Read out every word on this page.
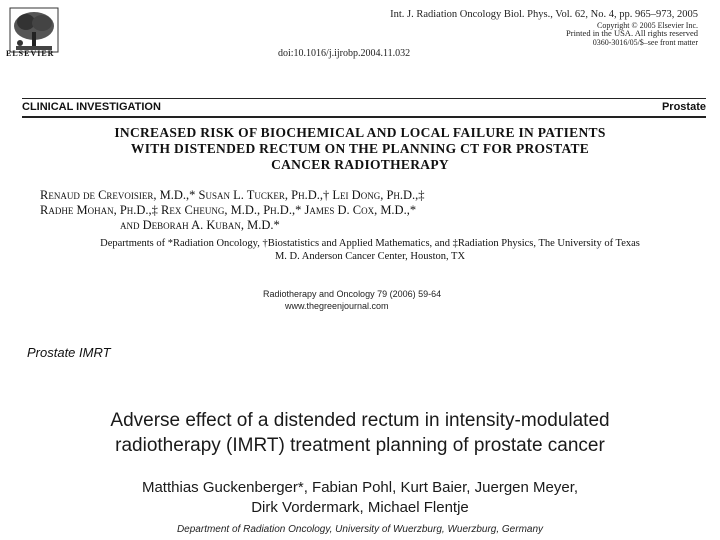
ELSEVIER
Int. J. Radiation Oncology Biol. Phys., Vol. 62, No. 4, pp. 965–973, 2005
Copyright © 2005 Elsevier Inc.
Printed in the USA. All rights reserved
0360-3016/05/$–see front matter
doi:10.1016/j.ijrobp.2004.11.032
CLINICAL INVESTIGATION	Prostate
INCREASED RISK OF BIOCHEMICAL AND LOCAL FAILURE IN PATIENTS
WITH DISTENDED RECTUM ON THE PLANNING CT FOR PROSTATE
CANCER RADIOTHERAPY
Renaud de Crevoisier, M.D.,* Susan L. Tucker, Ph.D.,† Lei Dong, Ph.D.,‡
Radhe Mohan, Ph.D.,‡ Rex Cheung, M.D., Ph.D.,* James D. Cox, M.D.,*
and Deborah A. Kuban, M.D.*
Departments of *Radiation Oncology, †Biostatistics and Applied Mathematics, and ‡Radiation Physics, The University of Texas
M. D. Anderson Cancer Center, Houston, TX
Radiotherapy and Oncology 79 (2006) 59-64
www.thegreenjournal.com
Prostate IMRT
Adverse effect of a distended rectum in intensity-modulated
radiotherapy (IMRT) treatment planning of prostate cancer
Matthias Guckenberger*, Fabian Pohl, Kurt Baier, Juergen Meyer,
Dirk Vordermark, Michael Flentje
Department of Radiation Oncology, University of Wuerzburg, Wuerzburg, Germany
